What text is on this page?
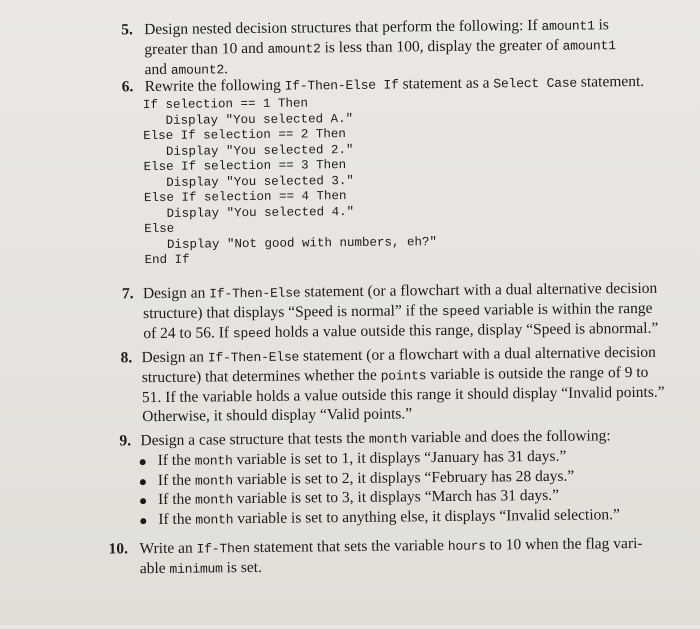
5. Design nested decision structures that perform the following: If amount1 is
greater than 10 and amount2 is less than 100, display the greater of amount1
and amount2.
6. Rewrite the following If-Then-Else If statement as a Select Case statement.
If selection == 1 Then
Display "You selected A."
Else If selection == 2 Then
Display "You selected 2."
Else If selection == 3 Then
Display "You selected 3."
Else If selection == 4 Then
Display "You selected 4."
Else
Display "Not good with numbers, eh?"
End If
7. Design an If-Then-Else statement (or a flowchart with a dual alternative decision
structure) that displays “Speed is normal” if the speed variable is within the range
of 24 to 56. If speed holds a value outside this range, display “Speed is abnormal.”
8. Design an If-Then-Else statement (or a flowchart with a dual alternative decision
structure) that determines whether the points variable is outside the range of 9 to
51. If the variable holds a value outside this range it should display “Invalid points.”
Otherwise, it should display “Valid points.”
9. Design a case structure that tests the month variable and does the following:
If the month variable is set to 1, it displays “January has 31 days.”
If the month variable is set to 2, it displays “February has 28 days.”
If the month variable is set to 3, it displays “March has 31 days.”
If the month variable is set to anything else, it displays “Invalid selection.”
10. Write an If-Then statement that sets the variable hours to 10 when the flag vari-
able minimum is set.
